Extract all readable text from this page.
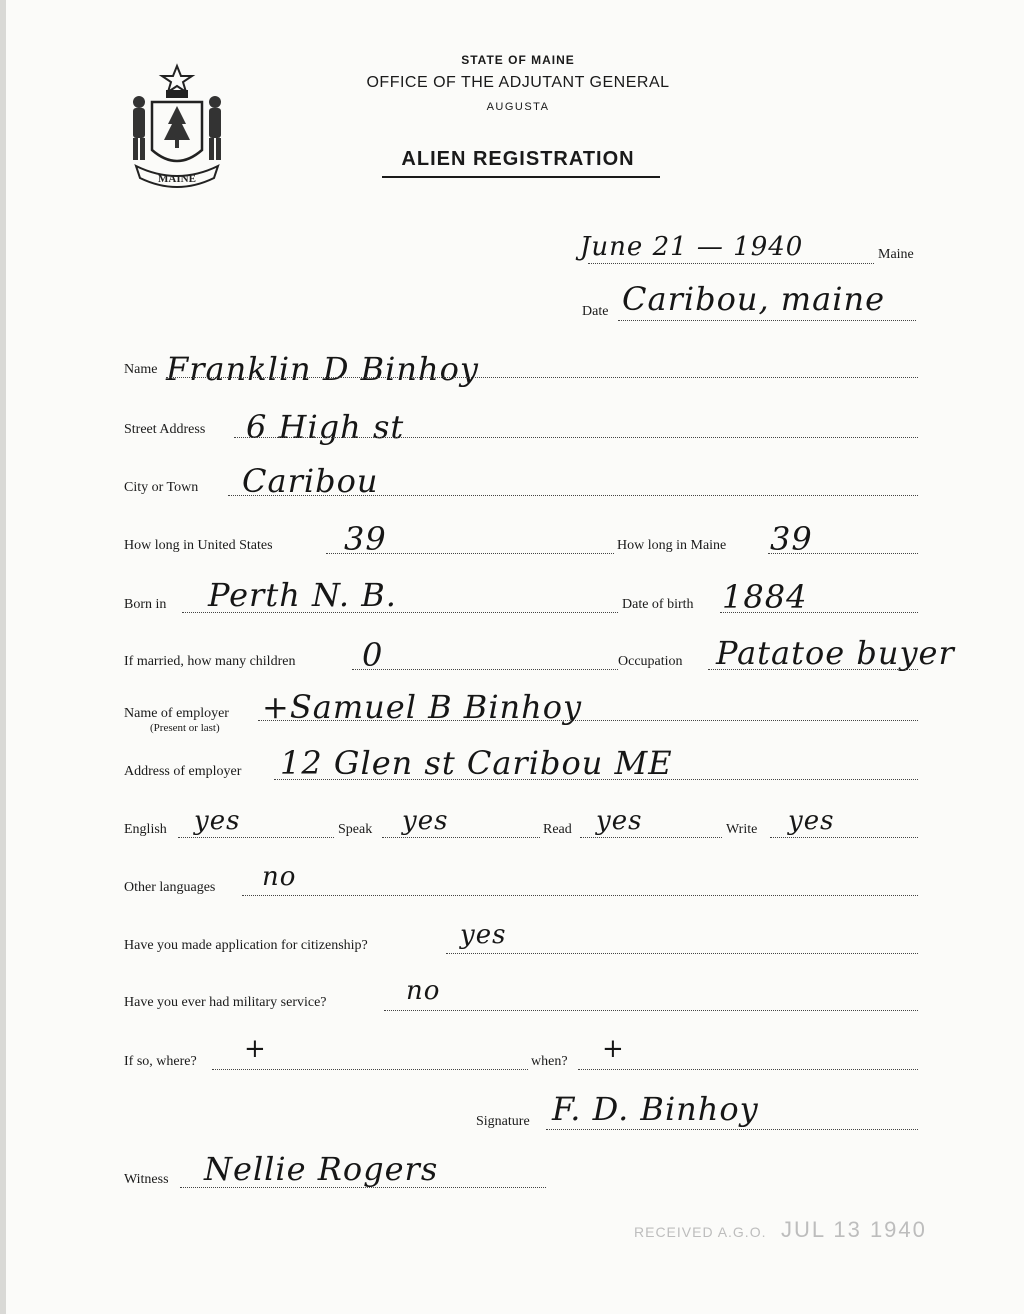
MAINE
STATE OF MAINE
OFFICE OF THE ADJUTANT GENERAL
AUGUSTA
ALIEN REGISTRATION
June 21 — 1940	Maine
Date Caribou, maine
Name Franklin D Binhoy
Street Address 6 High st
City or Town Caribou
How long in United States 39	How long in Maine 39
Born in Perth N. B.	Date of birth 1884
If married, how many children 0	Occupation Patatoe buyer
Name of employer
(Present or last)
+Samuel B Binhoy
Address of employer 12 Glen st Caribou ME
English yes	Speak yes	Read yes	Write yes
Other languages no
Have you made application for citizenship?	yes
Have you ever had military service?	no
If so, where? +	when? +
Signature F. D. Binhoy
Witness Nellie Rogers
RECEIVED A.G.O. JUL 13 1940
